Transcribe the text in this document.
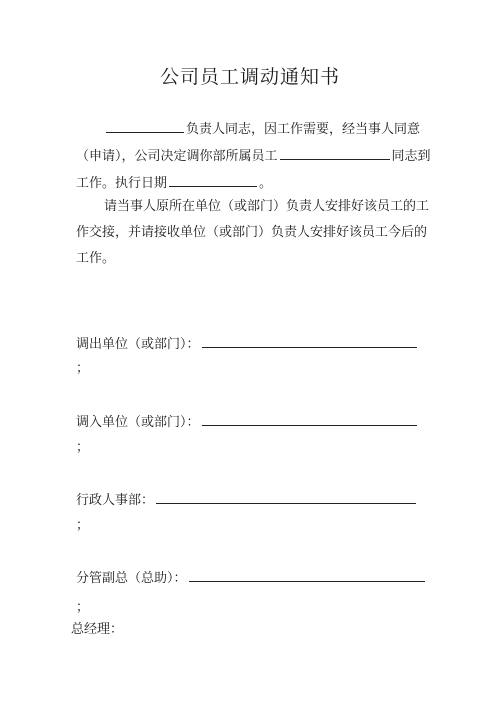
公司员工调动通知书
负责人同志，因工作需要，经当事人同意
（申请），公司决定调你部所属员工	同志到
工作。执行日期	。
请当事人原所在单位（或部门）负责人安排好该员工的工
作交接，并请接收单位（或部门）负责人安排好该员工今后的
工作。
调出单位（或部门）：
；
调入单位（或部门）：
；
行政人事部：
；
分管副总（总助）：
；
总经理：
